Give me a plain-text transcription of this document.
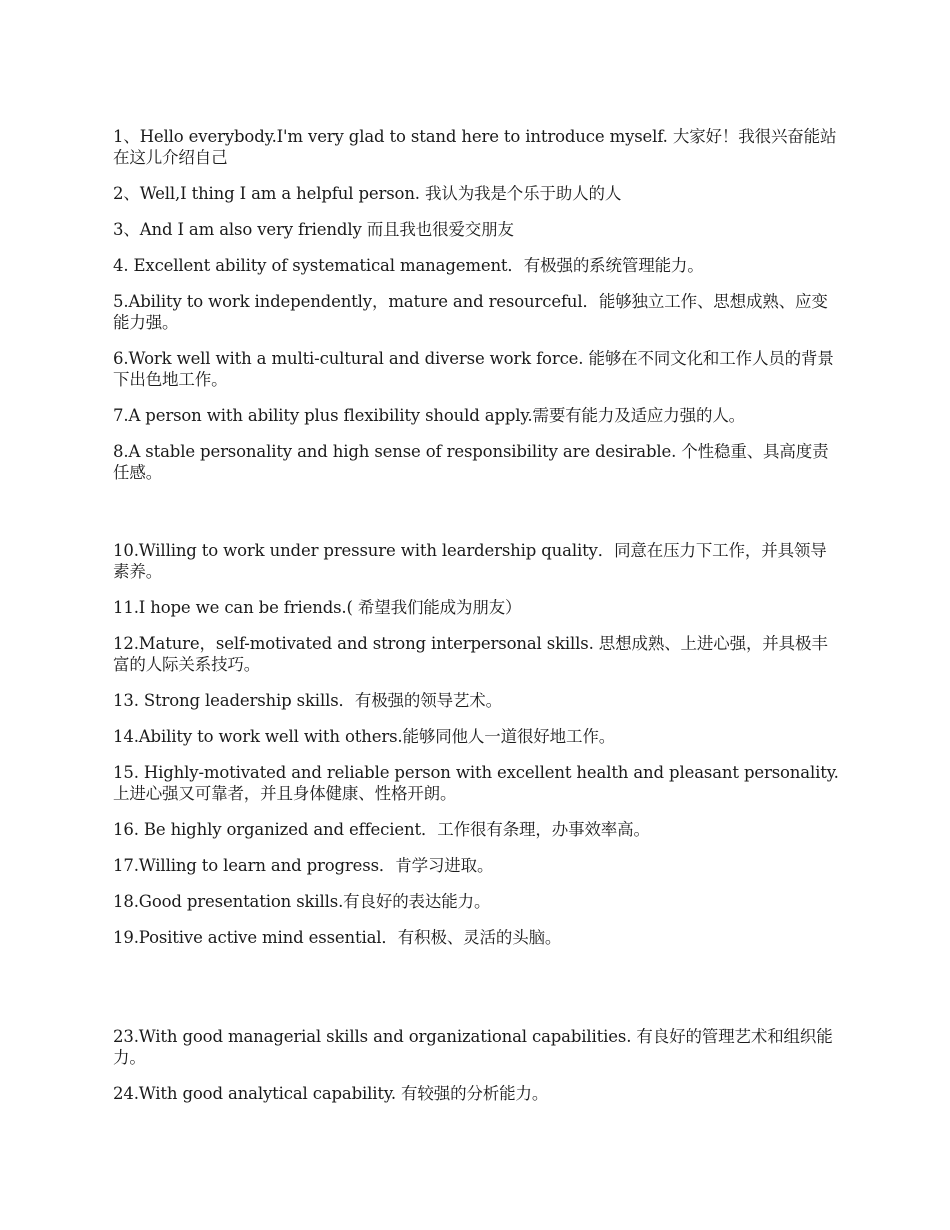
1、Hello everybody.I'm very glad to stand here to introduce myself. 大家好！我很兴奋能站在这儿介绍自己

2、Well,I thing I am a helpful person. 我认为我是个乐于助人的人

3、And I am also very friendly 而且我也很爱交朋友

4. Excellent ability of systematical management．有极强的系统管理能力。

5.Ability to work independently，mature and resourceful．能够独立工作、思想成熟、应变能力强。

6.Work well with a multi-cultural and diverse work force. 能够在不同文化和工作人员的背景下出色地工作。

7.A person with ability plus flexibility should apply.需要有能力及适应力强的人。

8.A stable personality and high sense of responsibility are desirable. 个性稳重、具高度责任感。

10.Willing to work under pressure with leardership quality．同意在压力下工作，并具领导素养。

11.I hope we can be friends.( 希望我们能成为朋友）

12.Mature，self-motivated and strong interpersonal skills. 思想成熟、上进心强，并具极丰富的人际关系技巧。

13. Strong leadership skills．有极强的领导艺术。

14.Ability to work well with others.能够同他人一道很好地工作。

15. Highly-motivated and reliable person with excellent health and pleasant personality. 上进心强又可靠者，并且身体健康、性格开朗。

16. Be highly organized and effecient．工作很有条理，办事效率高。

17.Willing to learn and progress．肯学习进取。

18.Good presentation skills.有良好的表达能力。

19.Positive active mind essential．有积极、灵活的头脑。

23.With good managerial skills and organizational capabilities. 有良好的管理艺术和组织能力。

24.With good analytical capability. 有较强的分析能力。
